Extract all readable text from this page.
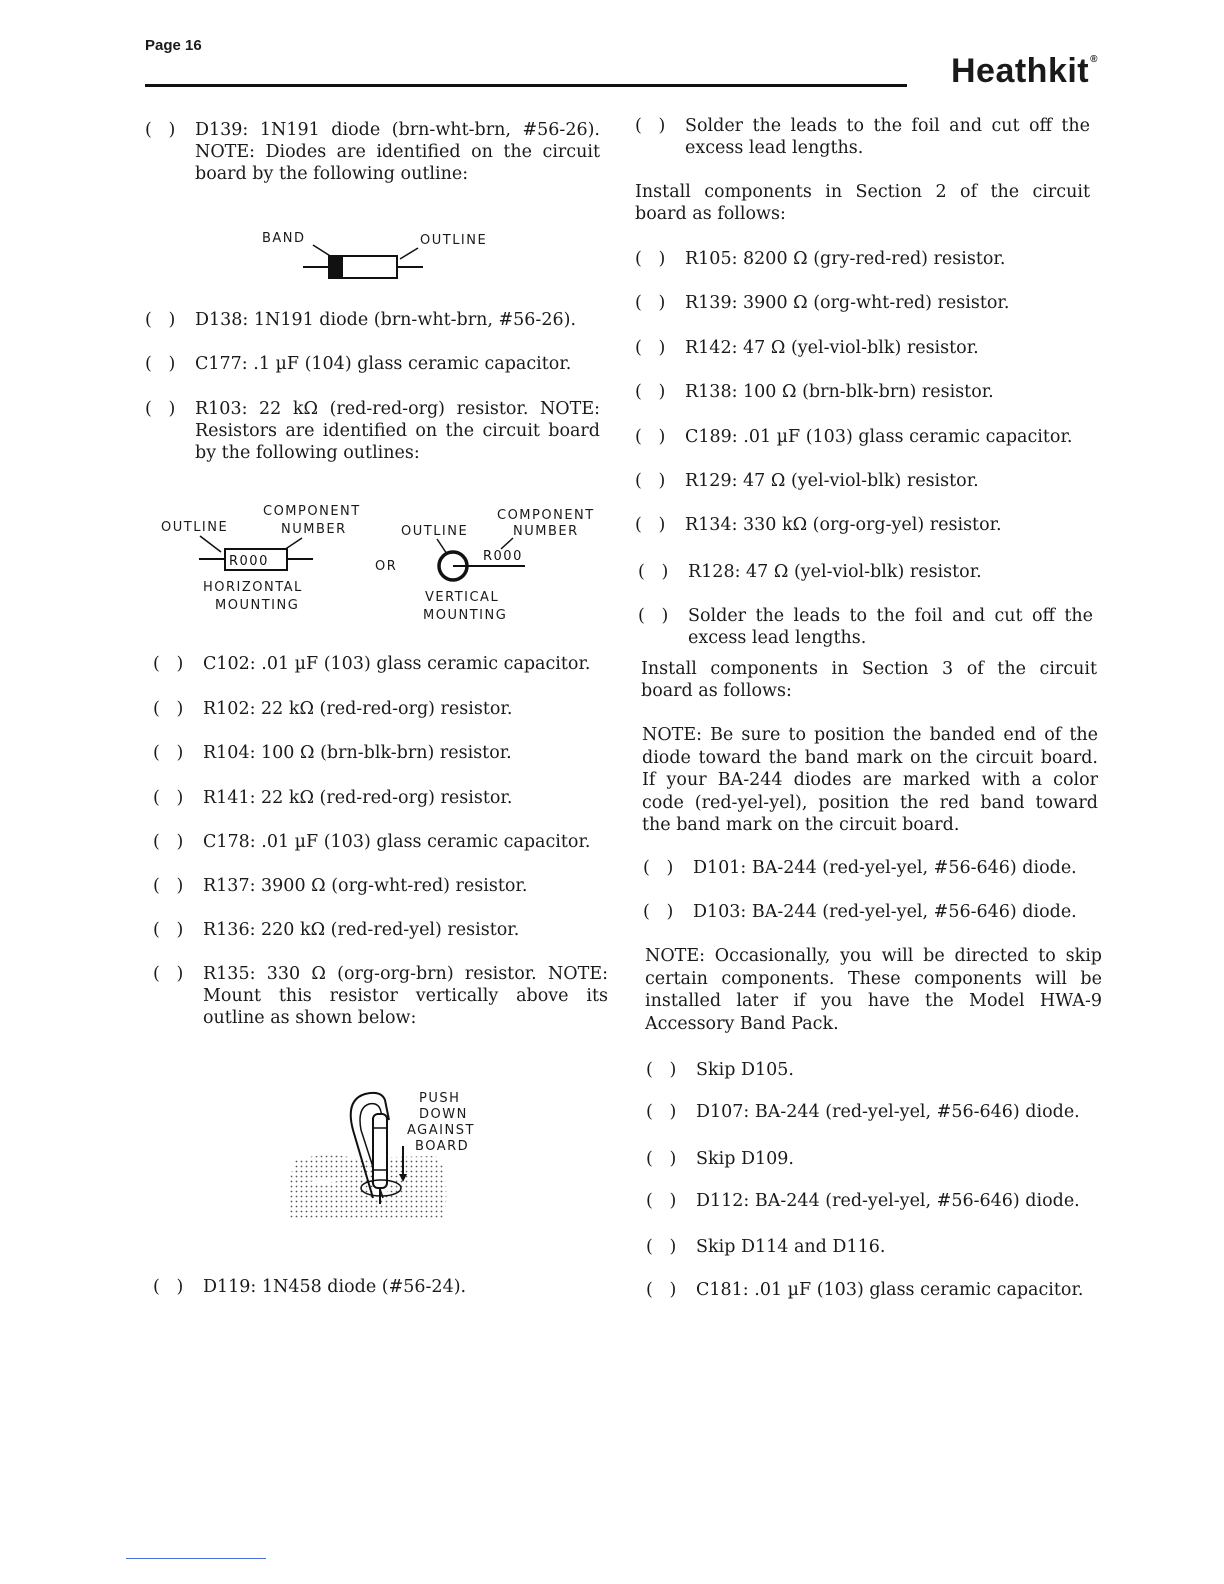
Page 16
Heathkit®
(   )	D139: 1N191 diode (brn-wht-brn, #56-26). NOTE: Diodes are identified on the circuit board by the following outline:
BAND	OUTLINE
(   )	D138: 1N191 diode (brn-wht-brn, #56-26).
(   )	C177: .1 µF (104) glass ceramic capacitor.
(   )	R103: 22 kΩ (red-red-org) resistor. NOTE: Resistors are identified on the circuit board by the following outlines:
OUTLINE
COMPONENT
NUMBER
R000
HORIZONTAL
MOUNTING
OR
OUTLINE
COMPONENT
NUMBER
R000
VERTICAL
MOUNTING
(   )	C102: .01 µF (103) glass ceramic capacitor.
(   )	R102: 22 kΩ (red-red-org) resistor.
(   )	R104: 100 Ω (brn-blk-brn) resistor.
(   )	R141: 22 kΩ (red-red-org) resistor.
(   )	C178: .01 µF (103) glass ceramic capacitor.
(   )	R137: 3900 Ω (org-wht-red) resistor.
(   )	R136: 220 kΩ (red-red-yel) resistor.
(   )	R135: 330 Ω (org-org-brn) resistor. NOTE: Mount this resistor vertically above its outline as shown below:
PUSH
DOWN
AGAINST
BOARD
(   )	D119: 1N458 diode (#56-24).
(   )	Solder the leads to the foil and cut off the excess lead lengths.
Install components in Section 2 of the circuit board as follows:
(   )	R105: 8200 Ω (gry-red-red) resistor.
(   )	R139: 3900 Ω (org-wht-red) resistor.
(   )	R142: 47 Ω (yel-viol-blk) resistor.
(   )	R138: 100 Ω (brn-blk-brn) resistor.
(   )	C189: .01 µF (103) glass ceramic capacitor.
(   )	R129: 47 Ω (yel-viol-blk) resistor.
(   )	R134: 330 kΩ (org-org-yel) resistor.
(   )	R128: 47 Ω (yel-viol-blk) resistor.
(   )	Solder the leads to the foil and cut off the excess lead lengths.
Install components in Section 3 of the circuit board as follows:
NOTE: Be sure to position the banded end of the diode toward the band mark on the circuit board. If your BA-244 diodes are marked with a color code (red-yel-yel), position the red band toward the band mark on the circuit board.
(   )	D101: BA-244 (red-yel-yel, #56-646) diode.
(   )	D103: BA-244 (red-yel-yel, #56-646) diode.
NOTE: Occasionally, you will be directed to skip certain components. These components will be installed later if you have the Model HWA-9 Accessory Band Pack.
(   )	Skip D105.
(   )	D107: BA-244 (red-yel-yel, #56-646) diode.
(   )	Skip D109.
(   )	D112: BA-244 (red-yel-yel, #56-646) diode.
(   )	Skip D114 and D116.
(   )	C181: .01 µF (103) glass ceramic capacitor.
